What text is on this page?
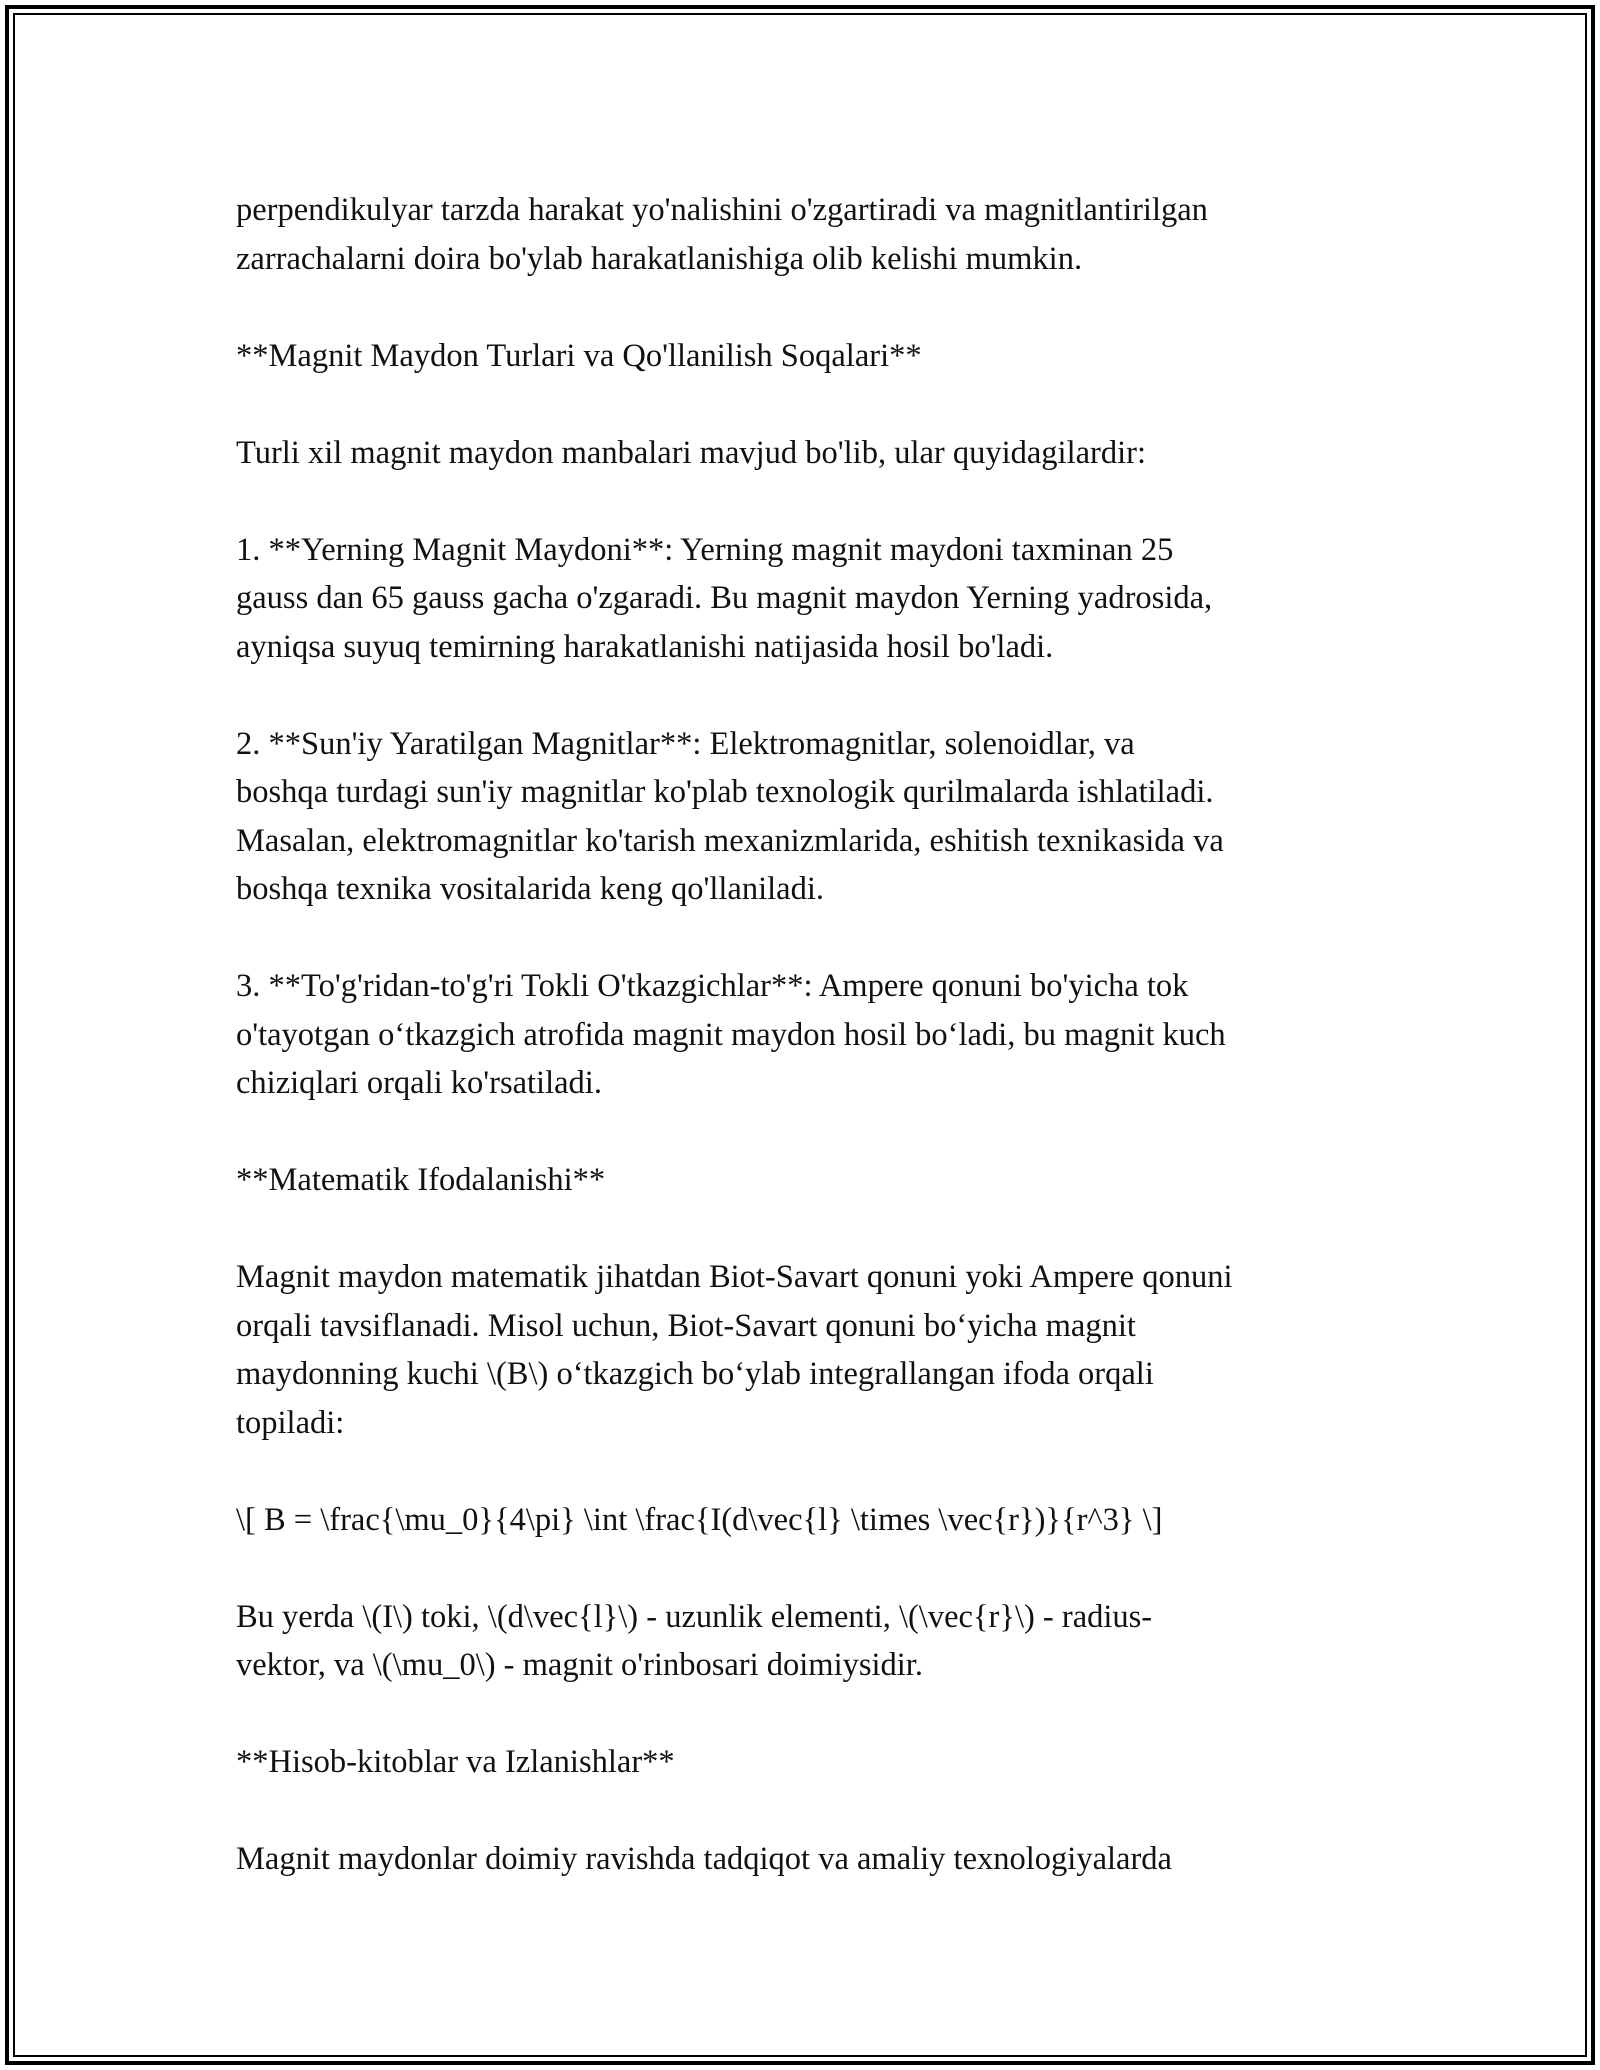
perpendikulyar tarzda harakat yo'nalishini o'zgartiradi va magnitlantirilgan
zarrachalarni doira bo'ylab harakatlanishiga olib kelishi mumkin.

**Magnit Maydon Turlari va Qo'llanilish Soqalari**

Turli xil magnit maydon manbalari mavjud bo'lib, ular quyidagilardir:

1. **Yerning Magnit Maydoni**: Yerning magnit maydoni taxminan 25
gauss dan 65 gauss gacha o'zgaradi. Bu magnit maydon Yerning yadrosida,
ayniqsa suyuq temirning harakatlanishi natijasida hosil bo'ladi.

2. **Sun'iy Yaratilgan Magnitlar**: Elektromagnitlar, solenoidlar, va
boshqa turdagi sun'iy magnitlar ko'plab texnologik qurilmalarda ishlatiladi.
Masalan, elektromagnitlar ko'tarish mexanizmlarida, eshitish texnikasida va
boshqa texnika vositalarida keng qo'llaniladi.

3. **To'g'ridan-to'g'ri Tokli O'tkazgichlar**: Ampere qonuni bo'yicha tok
o'tayotgan o‘tkazgich atrofida magnit maydon hosil bo‘ladi, bu magnit kuch
chiziqlari orqali ko'rsatiladi.

**Matematik Ifodalanishi**

Magnit maydon matematik jihatdan Biot-Savart qonuni yoki Ampere qonuni
orqali tavsiflanadi. Misol uchun, Biot-Savart qonuni bo‘yicha magnit
maydonning kuchi \(B\) o‘tkazgich bo‘ylab integrallangan ifoda orqali
topiladi:

\[ B = \frac{\mu_0}{4\pi} \int \frac{I(d\vec{l} \times \vec{r})}{r^3} \]

Bu yerda \(I\) toki, \(d\vec{l}\) - uzunlik elementi, \(\vec{r}\) - radius-
vektor, va \(\mu_0\) - magnit o'rinbosari doimiysidir.

**Hisob-kitoblar va Izlanishlar**

Magnit maydonlar doimiy ravishda tadqiqot va amaliy texnologiyalarda
